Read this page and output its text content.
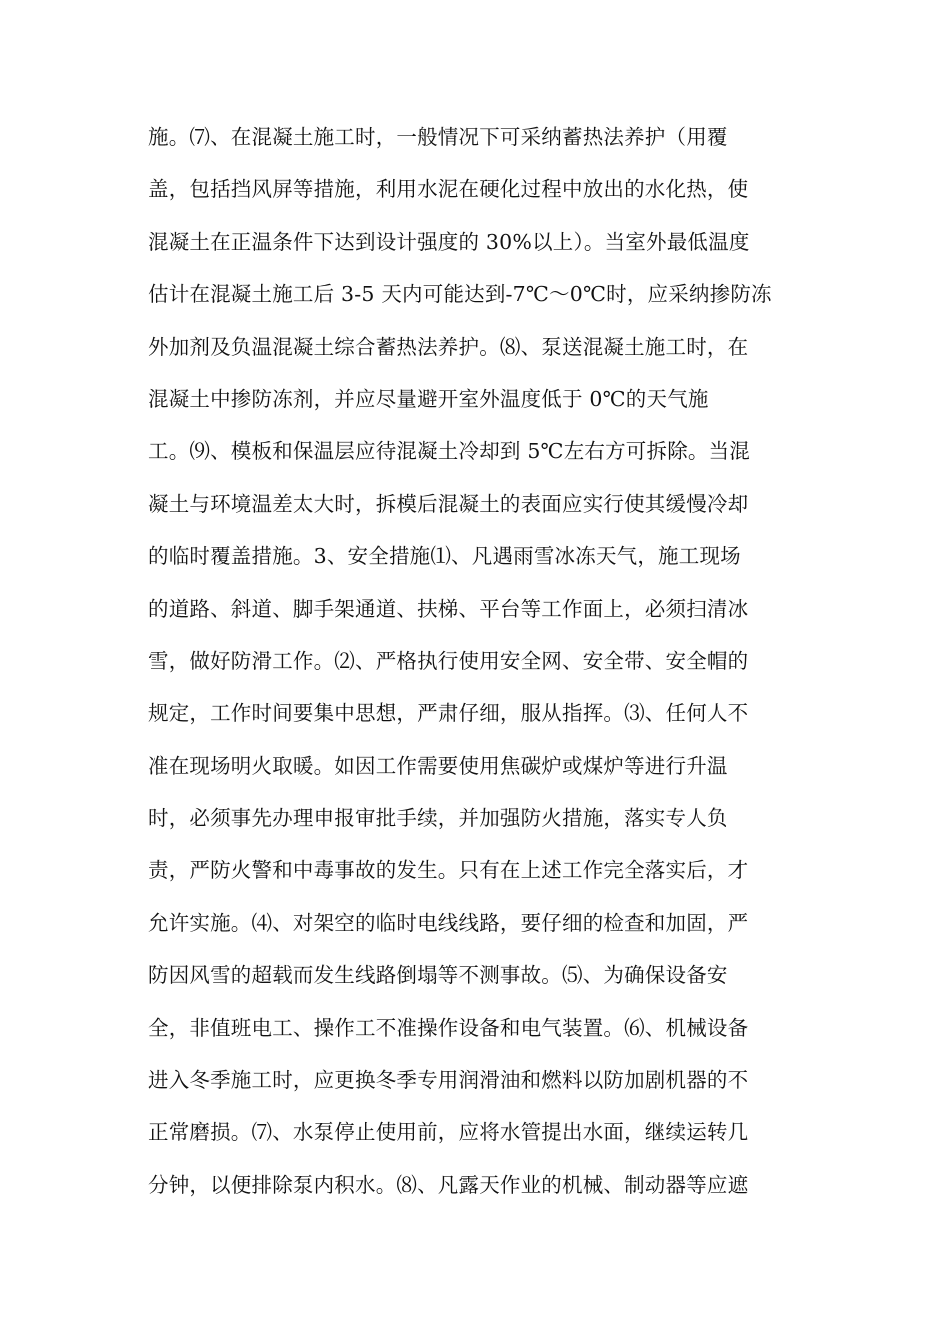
施。⑺、在混凝土施工时，一般情况下可采纳蓄热法养护（用覆
盖，包括挡风屏等措施，利用水泥在硬化过程中放出的水化热，使
混凝土在正温条件下达到设计强度的 30%以上）。当室外最低温度
估计在混凝土施工后 3-5 天内可能达到-7℃～0℃时，应采纳掺防冻
外加剂及负温混凝土综合蓄热法养护。⑻、泵送混凝土施工时，在
混凝土中掺防冻剂，并应尽量避开室外温度低于 0℃的天气施
工。⑼、模板和保温层应待混凝土冷却到 5℃左右方可拆除。当混
凝土与环境温差太大时，拆模后混凝土的表面应实行使其缓慢冷却
的临时覆盖措施。3、安全措施⑴、凡遇雨雪冰冻天气，施工现场
的道路、斜道、脚手架通道、扶梯、平台等工作面上，必须扫清冰
雪，做好防滑工作。⑵、严格执行使用安全网、安全带、安全帽的
规定，工作时间要集中思想，严肃仔细，服从指挥。⑶、任何人不
准在现场明火取暖。如因工作需要使用焦碳炉或煤炉等进行升温
时，必须事先办理申报审批手续，并加强防火措施，落实专人负
责，严防火警和中毒事故的发生。只有在上述工作完全落实后，才
允许实施。⑷、对架空的临时电线线路，要仔细的检查和加固，严
防因风雪的超载而发生线路倒塌等不测事故。⑸、为确保设备安
全，非值班电工、操作工不准操作设备和电气装置。⑹、机械设备
进入冬季施工时，应更换冬季专用润滑油和燃料以防加剧机器的不
正常磨损。⑺、水泵停止使用前，应将水管提出水面，继续运转几
分钟，以便排除泵内积水。⑻、凡露天作业的机械、制动器等应遮
